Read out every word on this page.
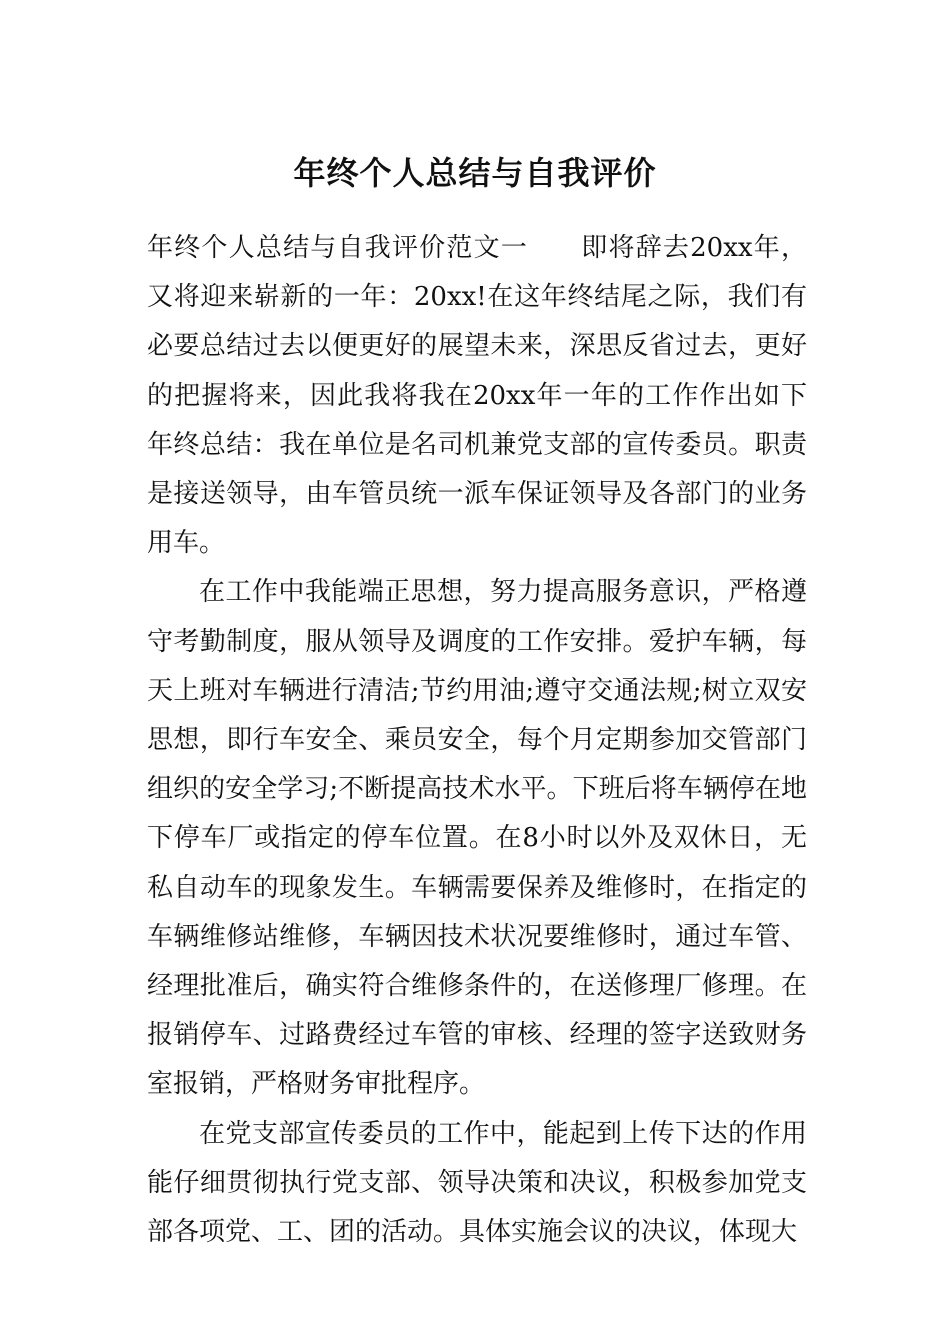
年终个人总结与自我评价

年终个人总结与自我评价范文一 即将辞去20xx年，又将迎来崭新的一年：20xx!在这年终结尾之际，我们有必要总结过去以便更好的展望未来，深思反省过去，更好的把握将来，因此我将我在20xx年一年的工作作出如下年终总结：我在单位是名司机兼党支部的宣传委员。职责是接送领导，由车管员统一派车保证领导及各部门的业务用车。

在工作中我能端正思想，努力提高服务意识，严格遵守考勤制度，服从领导及调度的工作安排。爱护车辆，每天上班对车辆进行清洁;节约用油;遵守交通法规;树立双安思想，即行车安全、乘员安全，每个月定期参加交管部门组织的安全学习;不断提高技术水平。下班后将车辆停在地下停车厂或指定的停车位置。在8小时以外及双休日，无私自动车的现象发生。车辆需要保养及维修时，在指定的车辆维修站维修，车辆因技术状况要维修时，通过车管、经理批准后，确实符合维修条件的，在送修理厂修理。在报销停车、过路费经过车管的审核、经理的签字送致财务室报销，严格财务审批程序。

在党支部宣传委员的工作中，能起到上传下达的作用能仔细贯彻执行党支部、领导决策和决议，积极参加党支部各项党、工、团的活动。具体实施会议的决议，体现大
